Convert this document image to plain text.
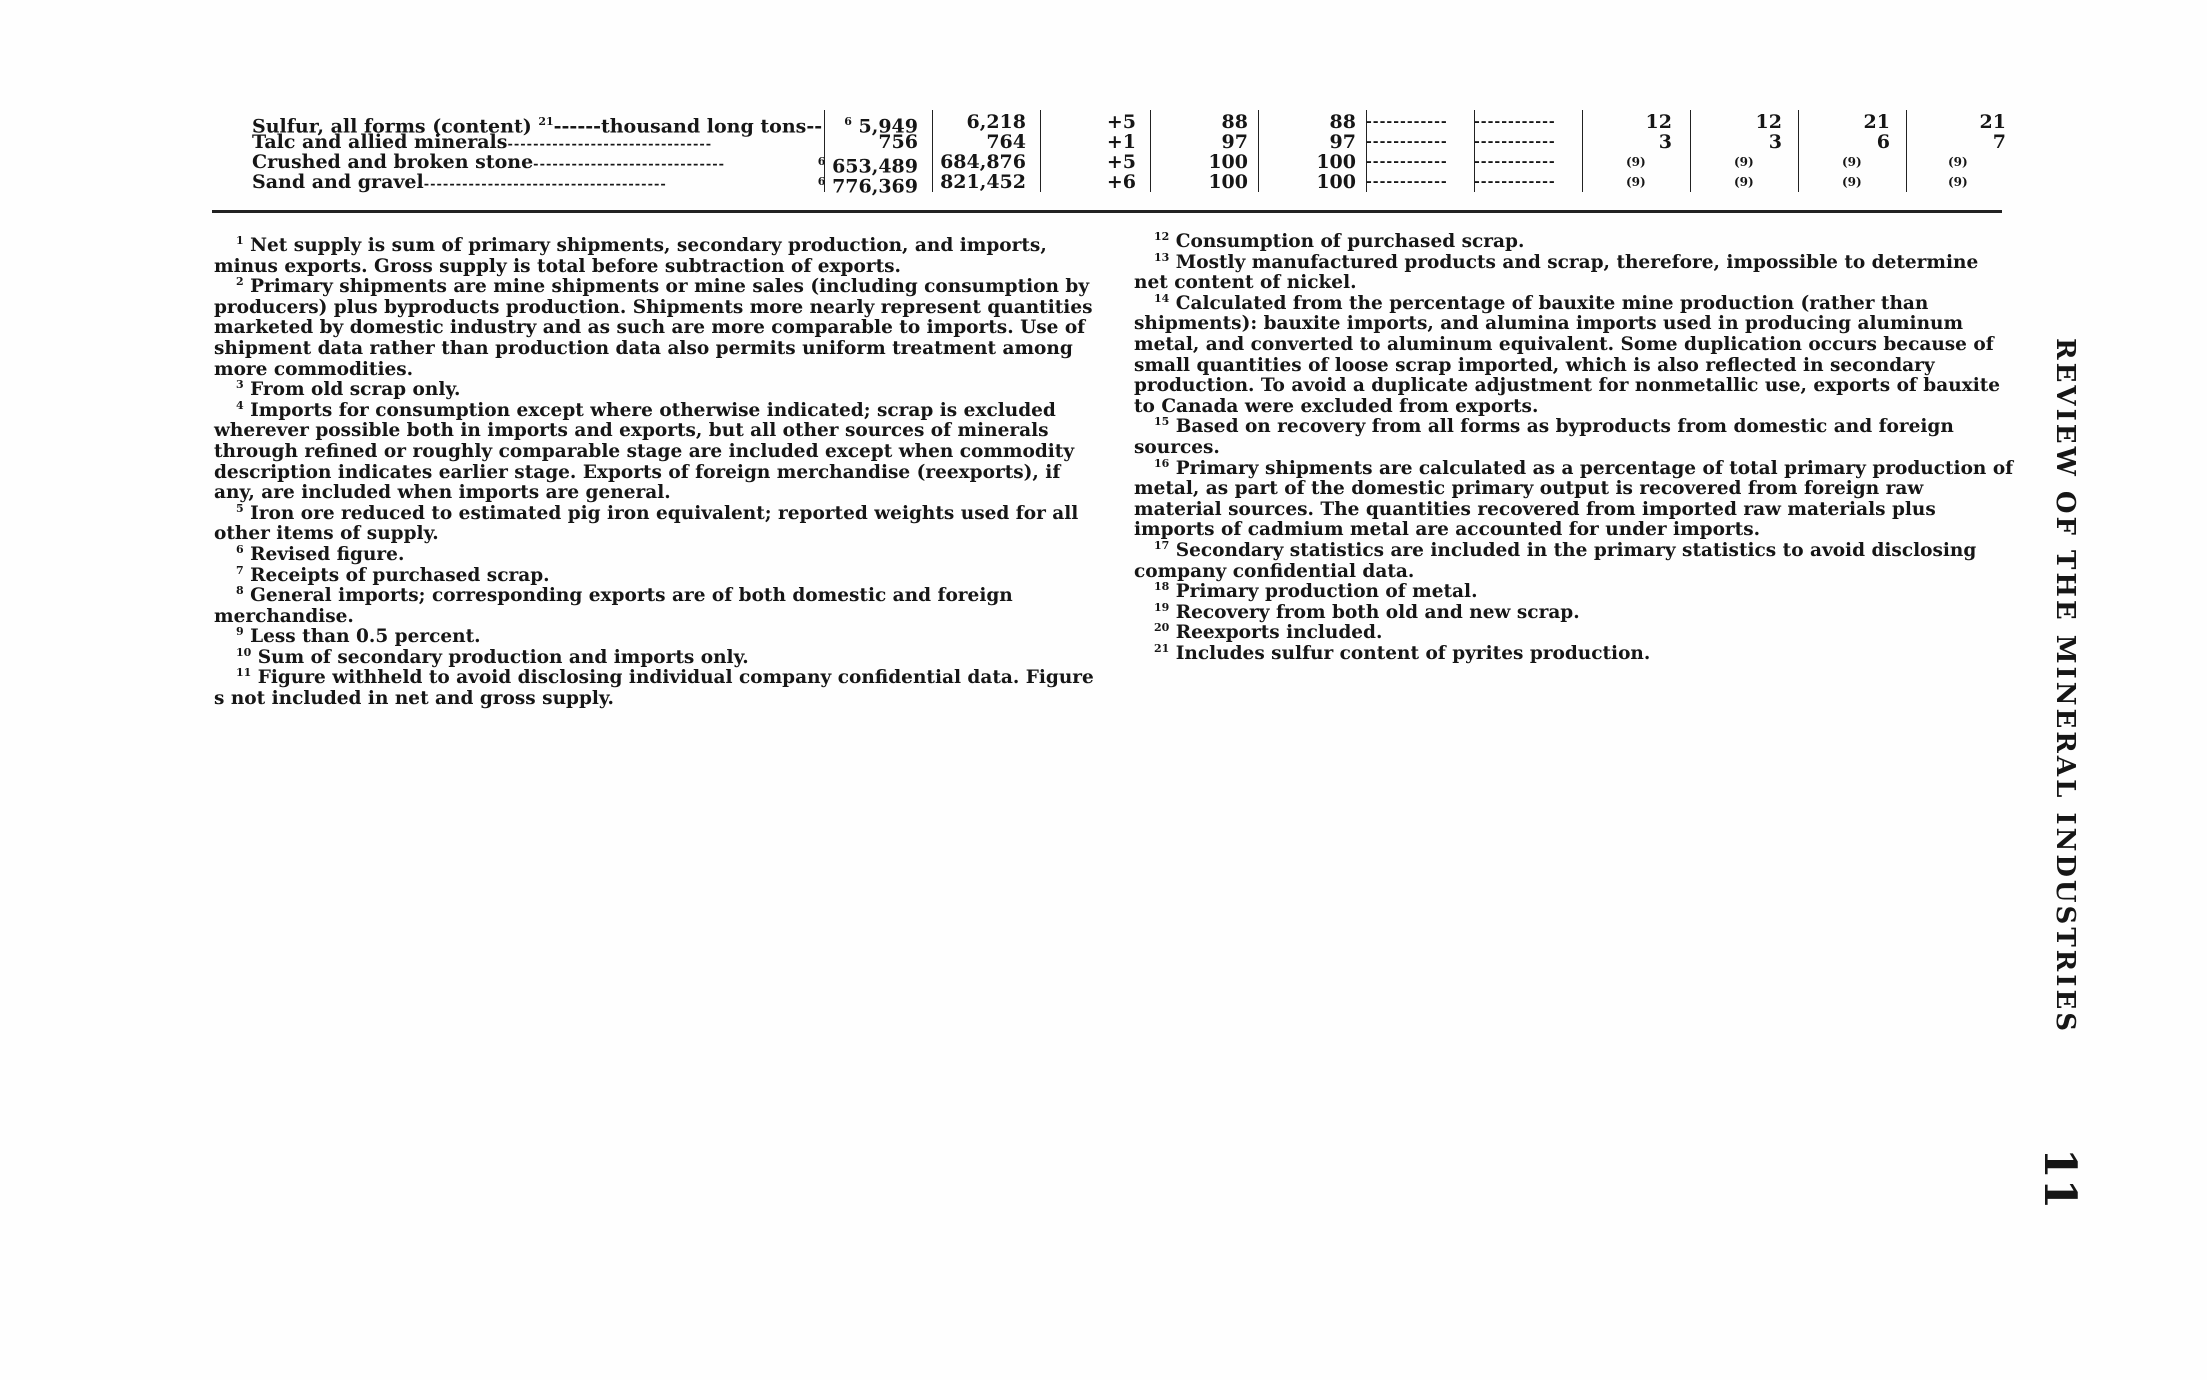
Sulfur, all forms (content) $^{21}$------thousand long tons-- $^6$ 5,949	6,218	+5	88	88 ------------	------------	12	12	21	21
Talc and allied minerals--------------------------------	756	764	+1	97	97 ------------	------------	3	3	6	7
Crushed and broken stone------------------------------	$^6$ 653,489 684,876	+5	100	100 ------------	------------	(9)	(9)	(9)	(9)
Sand and gravel--------------------------------------	$^6$ 776,369 821,452	+6	100	100 ------------	------------	(9)	(9)	(9)	(9)

$^1$ Net supply is sum of primary shipments, secondary production, and imports, minus exports. Gross supply is total before subtraction of exports.

$^2$ Primary shipments are mine shipments or mine sales (including consumption by producers) plus byproducts production. Shipments more nearly represent quantities marketed by domestic industry and as such are more comparable to imports. Use of shipment data rather than production data also permits uniform treatment among more commodities.

$^3$ From old scrap only.

$^4$ Imports for consumption except where otherwise indicated; scrap is excluded wherever possible both in imports and exports, but all other sources of minerals through refined or roughly comparable stage are included except when commodity description indicates earlier stage. Exports of foreign merchandise (reexports), if any, are included when imports are general.

$^5$ Iron ore reduced to estimated pig iron equivalent; reported weights used for all other items of supply.

$^6$ Revised figure.

$^7$ Receipts of purchased scrap.

$^8$ General imports; corresponding exports are of both domestic and foreign merchandise.

$^9$ Less than 0.5 percent.

$^{10}$ Sum of secondary production and imports only.

$^{11}$ Figure withheld to avoid disclosing individual company confidential data. Figure s not included in net and gross supply.

$^{12}$ Consumption of purchased scrap.

$^{13}$ Mostly manufactured products and scrap, therefore, impossible to determine net content of nickel.

$^{14}$ Calculated from the percentage of bauxite mine production (rather than shipments): bauxite imports, and alumina imports used in producing aluminum metal, and converted to aluminum equivalent. Some duplication occurs because of small quantities of loose scrap imported, which is also reflected in secondary production. To avoid a duplicate adjustment for nonmetallic use, exports of bauxite to Canada were excluded from exports.

$^{15}$ Based on recovery from all forms as byproducts from domestic and foreign sources.

$^{16}$ Primary shipments are calculated as a percentage of total primary production of metal, as part of the domestic primary output is recovered from foreign raw material sources. The quantities recovered from imported raw materials plus imports of cadmium metal are accounted for under imports.

$^{17}$ Secondary statistics are included in the primary statistics to avoid disclosing company confidential data.

$^{18}$ Primary production of metal.

$^{19}$ Recovery from both old and new scrap.

$^{20}$ Reexports included.

$^{21}$ Includes sulfur content of pyrites production.	REVIEW OF THE MINERAL INDUSTRIES
11
